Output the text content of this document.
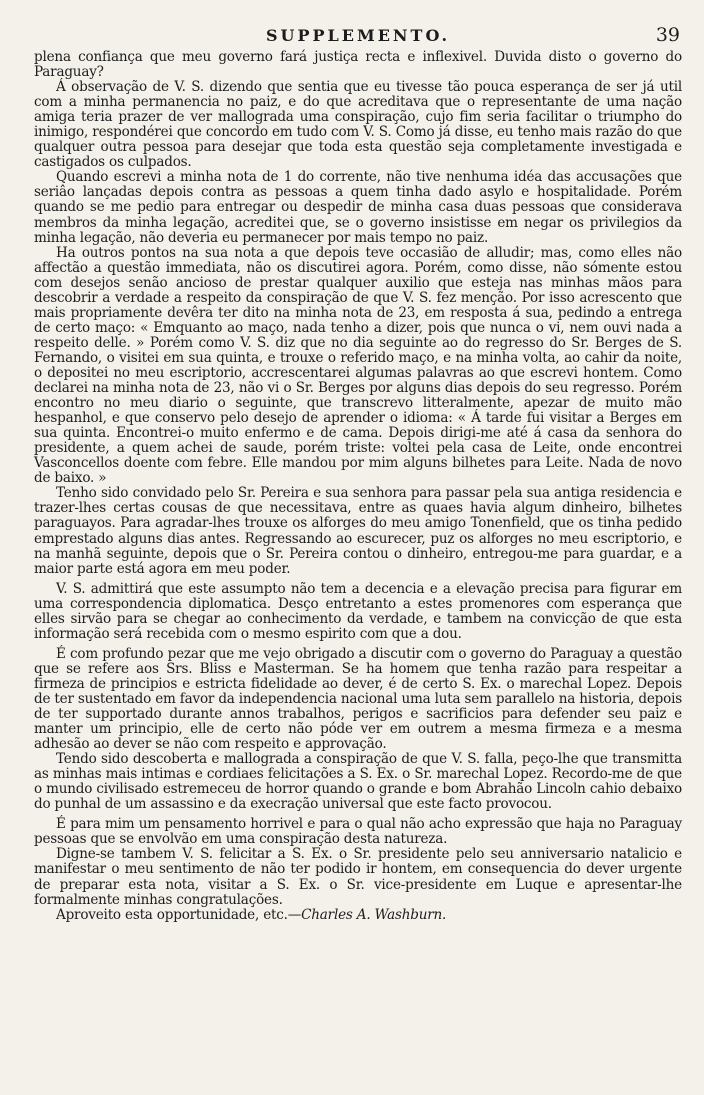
SUPPLEMENTO.	39

plena confiança que meu governo fará justiça recta e inflexivel. Duvida disto o governo do Paraguay?

Á observação de V. S. dizendo que sentia que eu tivesse tão pouca esperança de ser já util com a minha permanencia no paiz, e do que acreditava que o representante de uma nação amiga teria prazer de ver mallograda uma conspiração, cujo fim seria facilitar o triumpho do inimigo, respondérei que concordo em tudo com V. S. Como já disse, eu tenho mais razão do que qualquer outra pessoa para desejar que toda esta questão seja completamente investigada e castigados os culpados.

Quando escrevi a minha nota de 1 do corrente, não tive nenhuma idéa das accusações que seriâo lançadas depois contra as pessoas a quem tinha dado asylo e hospitalidade. Porém quando se me pedio para entregar ou despedir de minha casa duas pessoas que considerava membros da minha legação, acreditei que, se o governo insistisse em negar os privilegios da minha legação, não deveria eu permanecer por mais tempo no paiz.

Ha outros pontos na sua nota a que depois teve occasião de alludir; mas, como elles não affectão a questão immediata, não os discutirei agora. Porém, como disse, não sómente estou com desejos senão ancioso de prestar qualquer auxilio que esteja nas minhas mãos para descobrir a verdade a respeito da conspiração de que V. S. fez menção. Por isso acrescento que mais propriamente devêra ter dito na minha nota de 23, em resposta á sua, pedindo a entrega de certo maço: « Emquanto ao maço, nada tenho a dizer, pois que nunca o vi, nem ouvi nada a respeito delle. » Porém como V. S. diz que no dia seguinte ao do regresso do Sr. Berges de S. Fernando, o visitei em sua quinta, e trouxe o referido maço, e na minha volta, ao cahir da noite, o depositei no meu escriptorio, accrescentarei algumas palavras ao que escrevi hontem. Como declarei na minha nota de 23, não vi o Sr. Berges por alguns dias depois do seu regresso. Porém encontro no meu diario o seguinte, que transcrevo litteralmente, apezar de muito mão hespanhol, e que conservo pelo desejo de aprender o idioma: « Á tarde fui visitar a Berges em sua quinta. Encontrei-o muito enfermo e de cama. Depois dirigi-me até á casa da senhora do presidente, a quem achei de saude, porém triste: voltei pela casa de Leite, onde encontrei Vasconcellos doente com febre. Elle mandou por mim alguns bilhetes para Leite. Nada de novo de baixo. »

Tenho sido convidado pelo Sr. Pereira e sua senhora para passar pela sua antiga residencia e trazer-lhes certas cousas de que necessitava, entre as quaes havia algum dinheiro, bilhetes paraguayos. Para agradar-lhes trouxe os alforges do meu amigo Tonenfield, que os tinha pedido emprestado alguns dias antes. Regressando ao escurecer, puz os alforges no meu escriptorio, e na manhã seguinte, depois que o Sr. Pereira contou o dinheiro, entregou-me para guardar, e a maior parte está agora em meu poder.

V. S. admittirá que este assumpto não tem a decencia e a elevação precisa para figurar em uma correspondencia diplomatica. Desço entretanto a estes promenores com esperança que elles sirvão para se chegar ao conhecimento da verdade, e tambem na convicção de que esta informação será recebida com o mesmo espirito com que a dou.

É com profundo pezar que me vejo obrigado a discutir com o governo do Paraguay a questão que se refere aos Srs. Bliss e Masterman. Se ha homem que tenha razão para respeitar a firmeza de principios e estricta fidelidade ao dever, é de certo S. Ex. o marechal Lopez. Depois de ter sustentado em favor da independencia nacional uma luta sem parallelo na historia, depois de ter supportado durante annos trabalhos, perigos e sacrificios para defender seu paiz e manter um principio, elle de certo não póde ver em outrem a mesma firmeza e a mesma adhesão ao dever se não com respeito e approvação.

Tendo sido descoberta e mallograda a conspiração de que V. S. falla, peço-lhe que transmitta as minhas mais intimas e cordiaes felicitações a S. Ex. o Sr. marechal Lopez. Recordo-me de que o mundo civilisado estremeceu de horror quando o grande e bom Abrahão Lincoln cahio debaixo do punhal de um assassino e da execração universal que este facto provocou.

É para mim um pensamento horrivel e para o qual não acho expressão que haja no Paraguay pessoas que se envolvão em uma conspiração desta natureza.

Digne-se tambem V. S. felicitar a S. Ex. o Sr. presidente pelo seu anniversario natalicio e manifestar o meu sentimento de não ter podido ir hontem, em consequencia do dever urgente de preparar esta nota, visitar a S. Ex. o Sr. vice-presidente em Luque e apresentar-lhe formalmente minhas congratulações.

Aproveito esta opportunidade, etc.—Charles A. Washburn.
